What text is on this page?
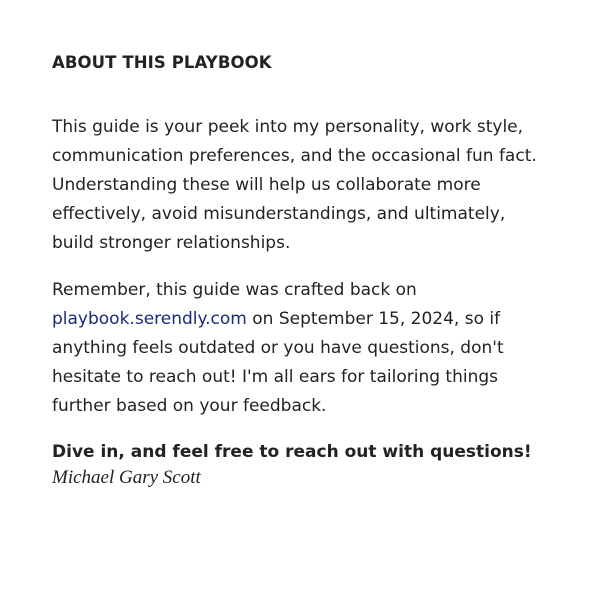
ABOUT THIS PLAYBOOK

This guide is your peek into my personality, work style, communication preferences, and the occasional fun fact. Understanding these will help us collaborate more effectively, avoid misunderstandings, and ultimately, build stronger relationships.

Remember, this guide was crafted back on playbook.serendly.com on September 15, 2024, so if anything feels outdated or you have questions, don't hesitate to reach out! I'm all ears for tailoring things further based on your feedback.

Dive in, and feel free to reach out with questions!

Michael Gary Scott
